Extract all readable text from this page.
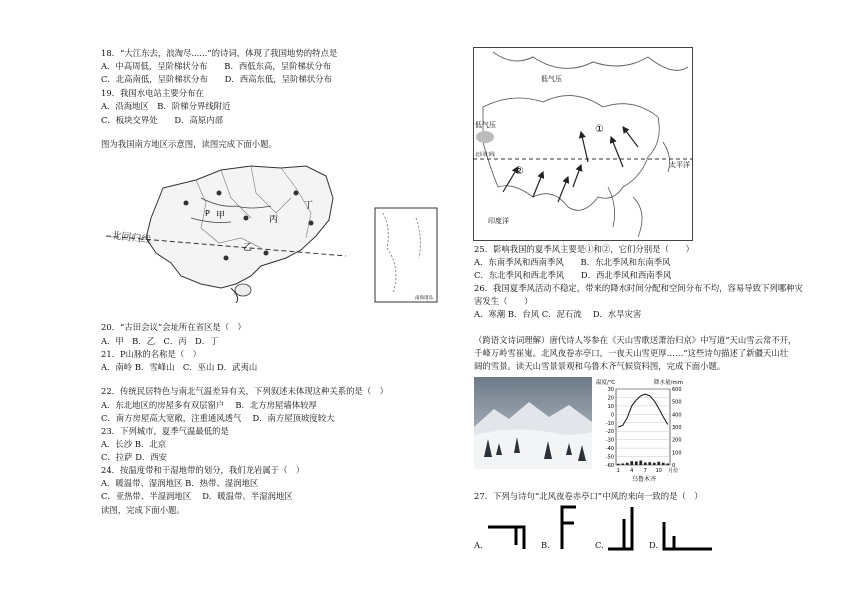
18．“大江东去，浪淘尽......”的诗词，体现了我国地势的特点是
A．中高周低，呈阶梯状分布　　B．西低东高，呈阶梯状分布
C．北高南低，呈阶梯状分布　　D．西高东低，呈阶梯状分布
19．我国水电站主要分布在
A．沿海地区　B．阶梯分界线附近
C．板块交界处　　D．高原内部
图为我国南方地区示意图，读图完成下面小题。
北回归线
甲
乙
丙
丁
P
南海诸岛
20．“古田会议”会址所在省区是（　）
A．甲　B．乙　C．丙　D．丁
21．P山脉的名称是（　）
A．南岭 B．雪峰山　C．巫山 D．武夷山
22．传统民居特色与南北气温差异有关，下列叙述未体现这种关系的是（　）
A．东北地区的房屋多有双层窗户　 B．北方房屋墙体较厚
C．南方房屋高大宽敞，注重通风透气　 D．南方屋顶坡度较大
23．下列城市，夏季气温最低的是
A．长沙 B．北京
C．拉萨 D．西安
24．按温度带和干湿地带的划分，我们龙岩属于（　）
A．暖温带、湿润地区 B．热带、湿润地区
C．亚热带、半湿润地区　 D．暖温带、半湿润地区
读图，完成下面小题。
低气压
低气压
北回归线
太平洋
印度洋
①
②
25．影响我国的夏季风主要是①和②，它们分别是（　　）
A．东南季风和西南季风　　B．东北季风和东南季风
C．东北季风和西北季风　　D．西北季风和西南季风
26．我国夏季风活动不稳定，带来的降水时间分配和空间分布不均，容易导致下列哪种灾
害发生（　　）
A．寒潮 B．台风 C．泥石流　 D．水旱灾害
（跨语文诗词理解）唐代诗人岑参在《天山雪歌送萧治归京》中写道“天山雪云常不开，
千峰万岭雪崔嵬。北风夜卷赤亭口，一夜天山雪更厚……”这些诗句描述了新疆天山壮
阔的雪景。读天山雪景景观和乌鲁木齐气候资料图，完成下面小题。
温度/℃	降水量/mm
30
20
10
0
-10
-20
-30
-40
-50
-60
600
500
400
300
200
100
0
1 4 7 10 月份
乌鲁木齐
27．下列与诗句“北风夜卷赤亭口”中风的来向一致的是（　）
A.	B.	C.	D.
